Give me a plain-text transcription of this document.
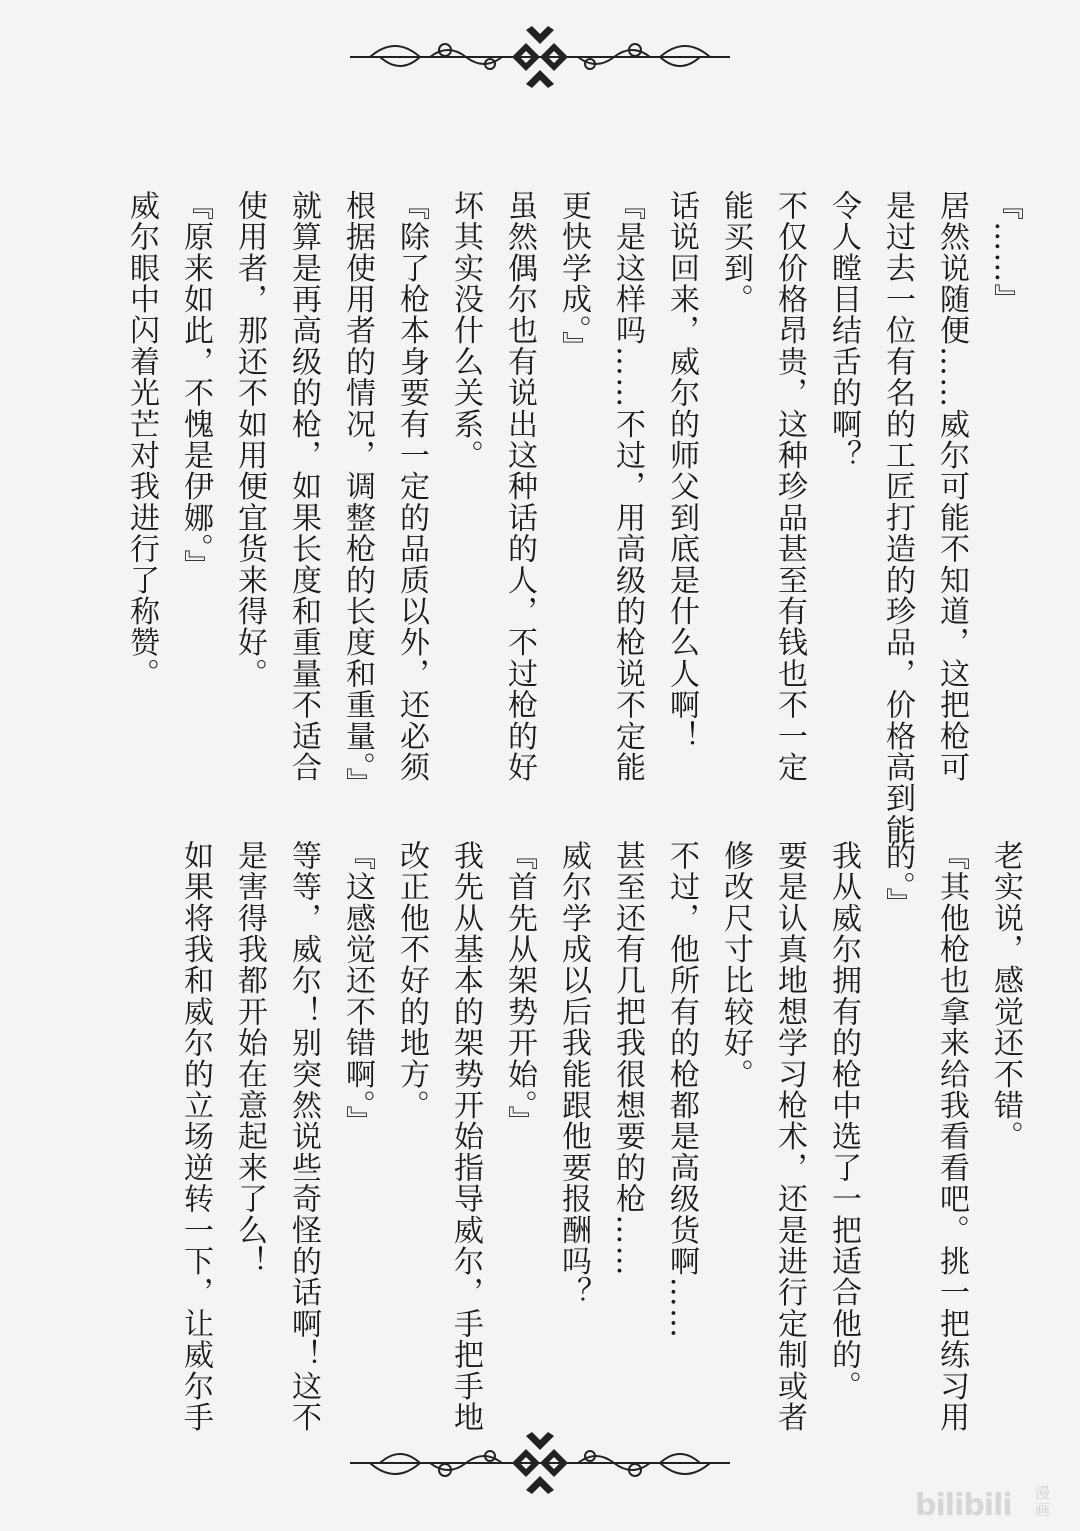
『……』

居然说随便……威尔可能不知道，这把枪可

是过去一位有名的工匠打造的珍品，价格高到能

令人瞠目结舌的啊？

不仅价格昂贵，这种珍品甚至有钱也不一定

能买到。

话说回来，威尔的师父到底是什么人啊！

『是这样吗……不过，用高级的枪说不定能

更快学成。』

虽然偶尔也有说出这种话的人，不过枪的好

坏其实没什么关系。

『除了枪本身要有一定的品质以外，还必须

根据使用者的情况，调整枪的长度和重量。』

就算是再高级的枪，如果长度和重量不适合

使用者，那还不如用便宜货来得好。

『原来如此，不愧是伊娜。』

威尔眼中闪着光芒对我进行了称赞。

老实说，感觉还不错。

『其他枪也拿来给我看看吧。挑一把练习用

的。』

我从威尔拥有的枪中选了一把适合他的。

要是认真地想学习枪术，还是进行定制或者

修改尺寸比较好。

不过，他所有的枪都是高级货啊……

甚至还有几把我很想要的枪……

威尔学成以后我能跟他要报酬吗？

『首先从架势开始。』

我先从基本的架势开始指导威尔，手把手地

改正他不好的地方。

『这感觉还不错啊。』

等等，威尔！别突然说些奇怪的话啊！这不

是害得我都开始在意起来了么！

如果将我和威尔的立场逆转一下，让威尔手

bilibili 漫画
